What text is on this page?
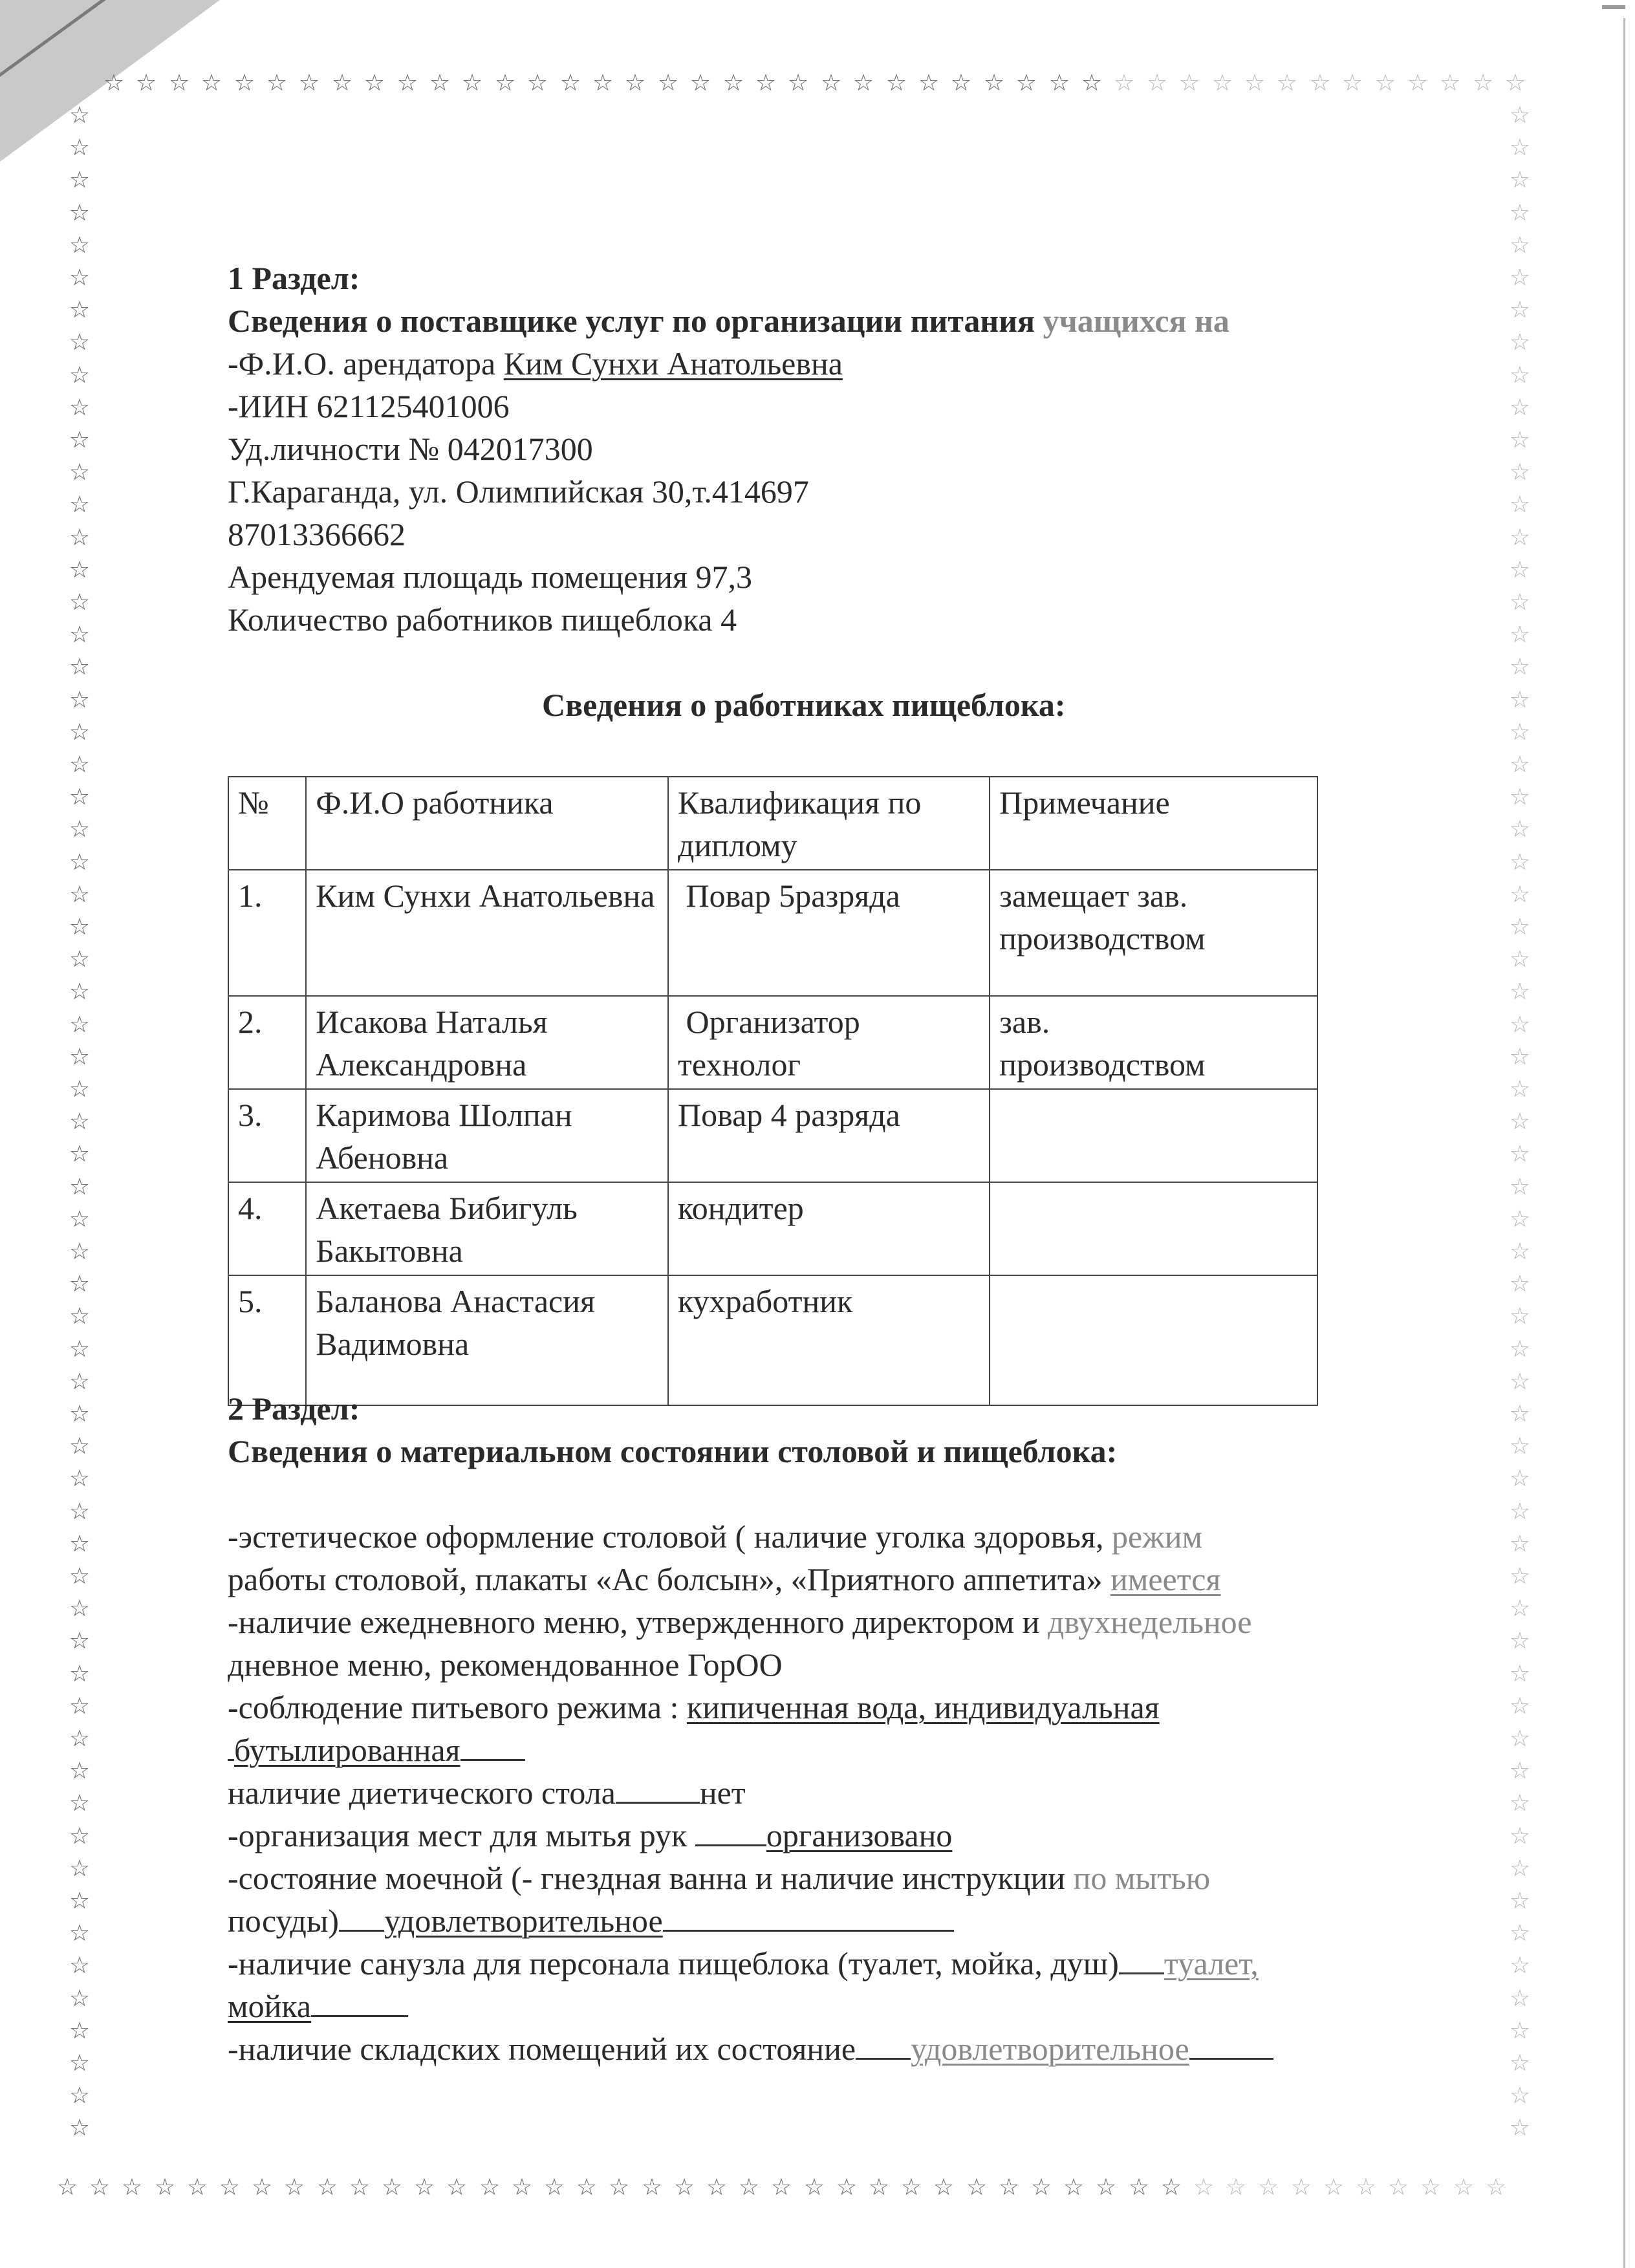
☆ ☆ ☆ ☆ ☆ ☆ ☆ ☆ ☆ ☆ ☆ ☆ ☆ ☆ ☆ ☆ ☆ ☆ ☆ ☆ ☆ ☆ ☆ ☆ ☆ ☆ ☆ ☆ ☆ ☆ ☆ ☆ ☆ ☆ ☆ ☆ ☆ ☆ ☆ ☆ ☆ ☆ ☆ ☆
☆
☆
☆
☆
☆
☆
☆
☆
☆
☆
☆
☆
☆
☆
☆
☆
☆
☆
☆
☆
☆
☆
☆
☆
☆
☆
☆
☆
☆
☆
☆
☆
☆
☆
☆
☆
☆
☆
☆
☆
☆
☆
☆
☆
☆
☆
☆
☆
☆
☆
☆
☆
☆
☆
☆
☆
☆
☆
☆
☆
☆
☆
☆
☆
☆
☆
☆
☆
☆
☆
☆
☆
☆
☆
☆
☆
☆
☆
☆
☆
☆
☆
☆
☆
☆
☆
☆
☆
☆
☆
☆
☆
☆
☆
☆
☆
☆
☆
☆
☆
☆
☆
☆
☆
☆
☆
☆
☆
☆
☆
☆
☆
☆
☆
☆
☆
☆
☆
☆
☆
☆
☆
☆
☆
☆
☆
☆ ☆ ☆ ☆ ☆ ☆ ☆ ☆ ☆ ☆ ☆ ☆ ☆ ☆ ☆ ☆ ☆ ☆ ☆ ☆ ☆ ☆ ☆ ☆ ☆ ☆ ☆ ☆ ☆ ☆ ☆ ☆ ☆ ☆ ☆ ☆ ☆ ☆ ☆ ☆ ☆ ☆ ☆ ☆ ☆
1 Раздел:
Сведения о поставщике услуг по организации питания учащихся на
-Ф.И.О. арендатора Ким Сунхи Анатольевна
-ИИН 621125401006
Уд.личности № 042017300
Г.Караганда, ул. Олимпийская 30,т.414697
87013366662
Арендуемая площадь помещения 97,3
Количество работников пищеблока 4
Сведения о работниках пищеблока:
№	Ф.И.О работника	Квалификация по диплому	Примечание
1.	Ким Сунхи Анатольевна	Повар 5разряда	замещает зав. производством

2.	Исакова Наталья Александровна	Организатор технолог	зав. производством

3.	Каримова Шолпан Абеновна	Повар 4 разряда	
4.	Акетаева Бибигуль Бакытовна	кондитер	
5.	Баланова Анастасия Вадимовна	кухработник	
2 Раздел:
Сведения о материальном состоянии столовой и пищеблока:
-эстетическое оформление столовой ( наличие уголка здоровья, режим
работы столовой, плакаты «Ас болсын», «Приятного аппетита» имеется
-наличие ежедневного меню, утвержденного директором и двухнедельное
дневное меню, рекомендованное ГорОО
-соблюдение питьевого режима : кипиченная вода, индивидуальная
бутылированная
наличие диетического стола	нет
-организация мест для мытья рук организовано
-состояние моечной (- гнездная ванна и наличие инструкции по мытью
посуды) удовлетворительное
-наличие санузла для персонала пищеблока (туалет, мойка, душ) туалет,
мойка
-наличие складских помещений их состояние удовлетворительное
